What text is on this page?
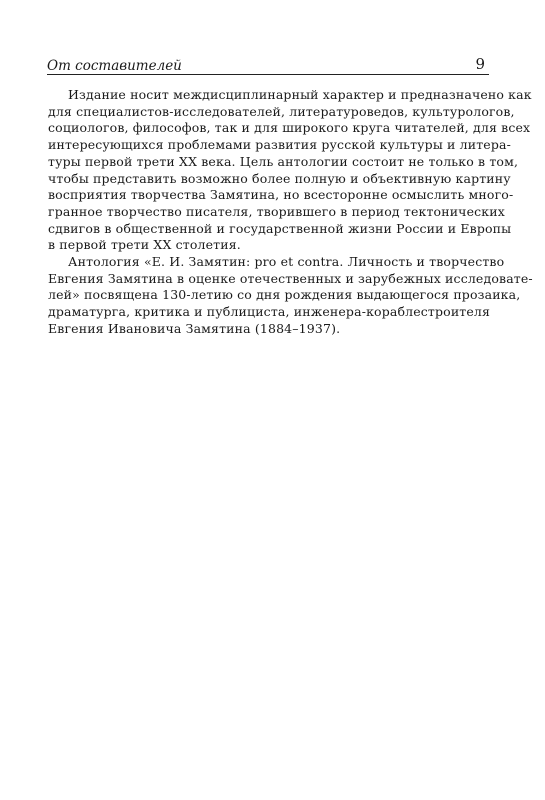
От составителей	9

Издание носит междисциплинарный характер и предназначено как
для специалистов-исследователей, литературоведов, культурологов,
социологов, философов, так и для широкого круга читателей, для всех
интересующихся проблемами развития русской культуры и литера-
туры первой трети XX века. Цель антологии состоит не только в том,
чтобы представить возможно более полную и объективную картину
восприятия творчества Замятина, но всесторонне осмыслить много-
гранное творчество писателя, творившего в период тектонических
сдвигов в общественной и государственной жизни России и Европы
в первой трети XX столетия.

Антология «Е. И. Замятин: pro et contra. Личность и творчество
Евгения Замятина в оценке отечественных и зарубежных исследовате-
лей» посвящена 130-летию со дня рождения выдающегося прозаика,
драматурга, критика и публициста, инженера-кораблестроителя
Евгения Ивановича Замятина (1884–1937).
